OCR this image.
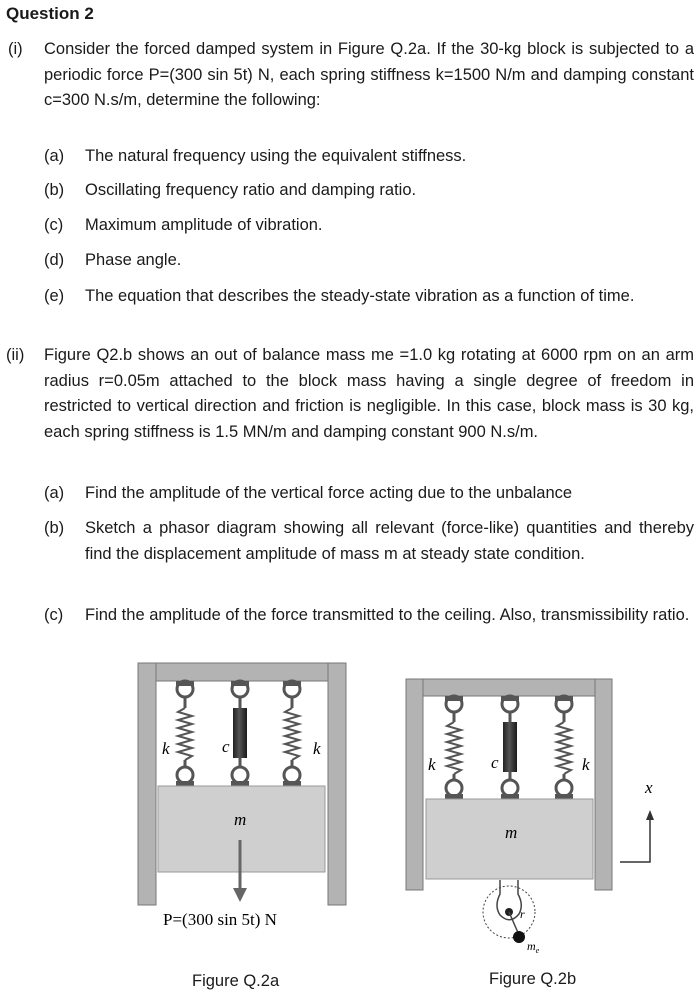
Question 2
(i) Consider the forced damped system in Figure Q.2a. If the 30-kg block is subjected to a periodic force P=(300 sin 5t) N, each spring stiffness k=1500 N/m and damping constant c=300 N.s/m, determine the following:
(a) The natural frequency using the equivalent stiffness.
(b) Oscillating frequency ratio and damping ratio.
(c) Maximum amplitude of vibration.
(d) Phase angle.
(e) The equation that describes the steady-state vibration as a function of time.
(ii) Figure Q2.b shows an out of balance mass me =1.0 kg rotating at 6000 rpm on an arm radius r=0.05m attached to the block mass having a single degree of freedom in restricted to vertical direction and friction is negligible. In this case, block mass is 30 kg, each spring stiffness is 1.5 MN/m and damping constant 900 N.s/m.
(a) Find the amplitude of the vertical force acting due to the unbalance
(b) Sketch a phasor diagram showing all relevant (force-like) quantities and thereby find the displacement amplitude of mass m at steady state condition.
(c) Find the amplitude of the force transmitted to the ceiling. Also, transmissibility ratio.
k	c	k
m
P=(300 sin 5t) N
k	c	k
m
x
r
$m_e$
Figure Q.2a	Figure Q.2b
